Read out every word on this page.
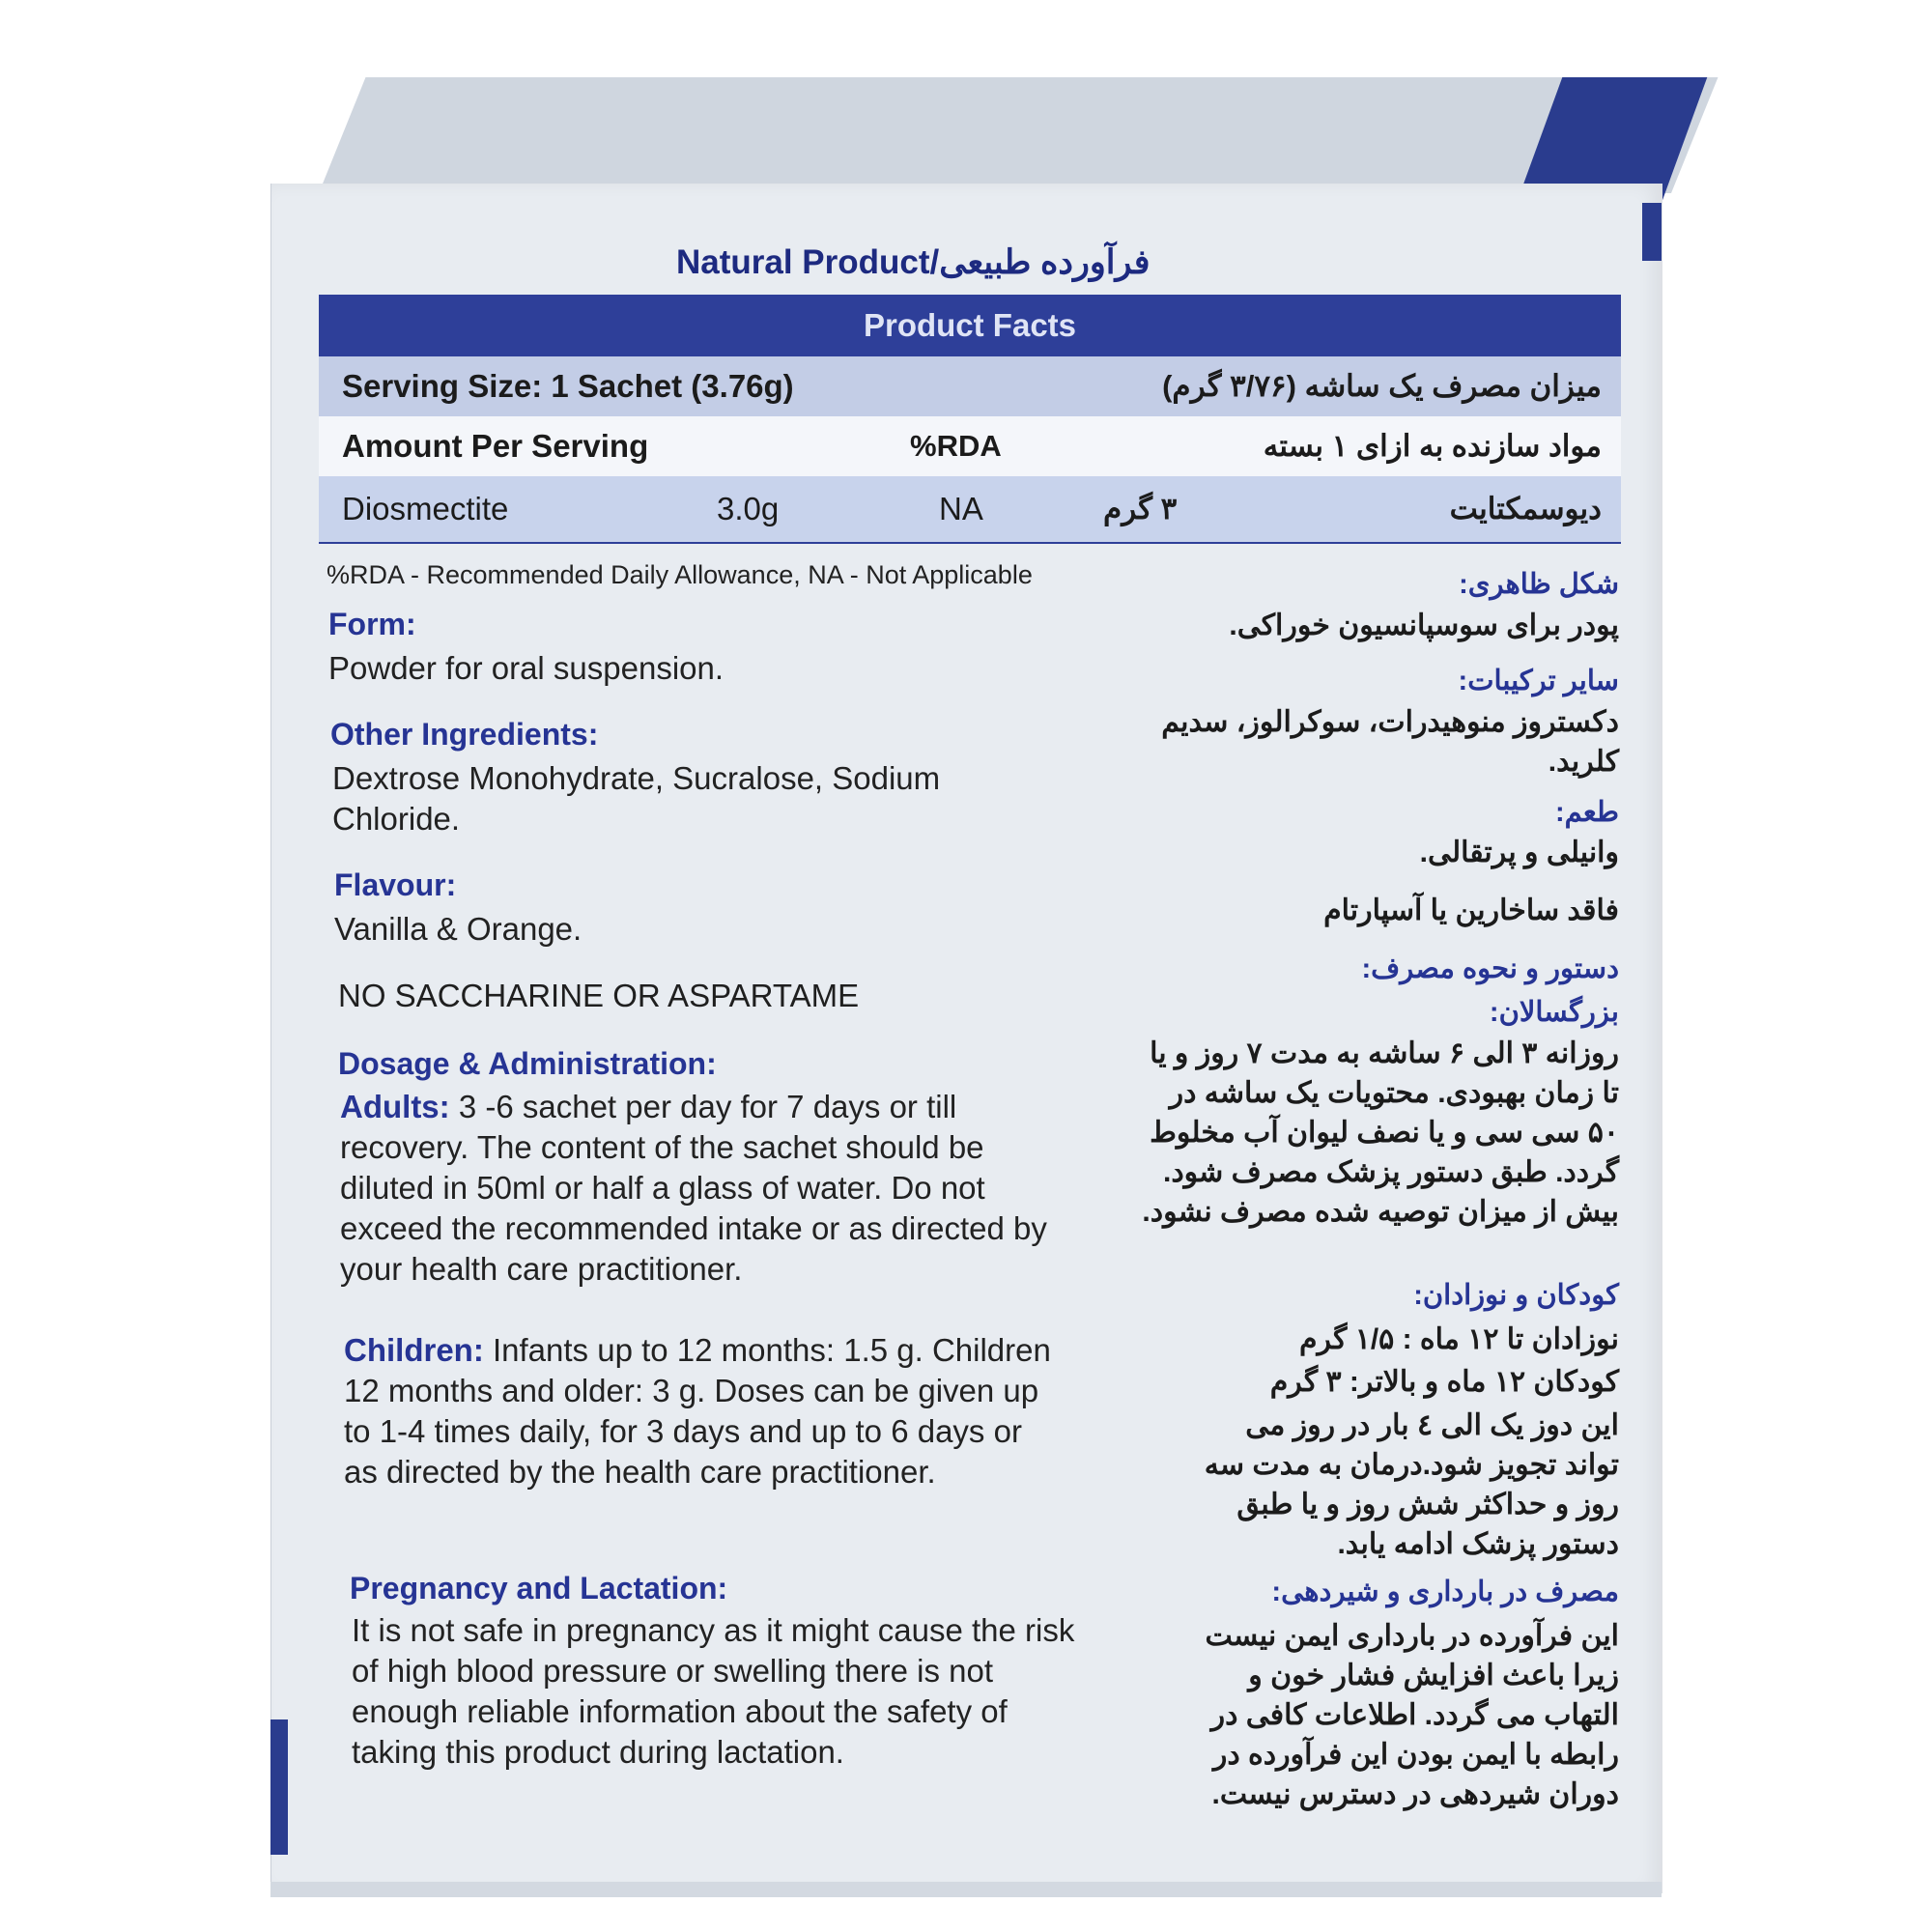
Natural Product/فرآورده طبیعی
Product Facts
Serving Size: 1 Sachet (3.76g)	میزان مصرف یک ساشه (۳/۷۶ گرم)
Amount Per Serving	%RDA	مواد سازنده به ازای ۱ بسته
Diosmectite	3.0g	NA	۳ گرم	دیوسمکتایت
%RDA - Recommended Daily Allowance, NA - Not Applicable
Form:
Powder for oral suspension.
Other Ingredients:
Dextrose Monohydrate, Sucralose, Sodium Chloride.
Flavour:
Vanilla & Orange.
NO SACCHARINE OR ASPARTAME
Dosage & Administration:
Adults: 3 -6 sachet per day for 7 days or till recovery. The content of the sachet should be diluted in 50ml or half a glass of water. Do not exceed the recommended intake or as directed by your health care practitioner.
Children: Infants up to 12 months: 1.5 g. Children 12 months and older: 3 g. Doses can be given up to 1-4 times daily, for 3 days and up to 6 days or as directed by the health care practitioner.
Pregnancy and Lactation:
It is not safe in pregnancy as it might cause the risk of high blood pressure or swelling there is not enough reliable information about the safety of taking this product during lactation.
شکل ظاهری:
پودر برای سوسپانسیون خوراکی.
سایر ترکیبات:
دکستروز منوهیدرات، سوکرالوز، سدیم کلرید.
طعم:
وانیلی و پرتقالی.
فاقد ساخارین یا آسپارتام
دستور و نحوه مصرف:
بزرگسالان:
روزانه ۳ الی ۶ ساشه به مدت ۷ روز و یا تا زمان بهبودی. محتویات یک ساشه در ۵۰ سی سی و یا نصف لیوان آب مخلوط گردد. طبق دستور پزشک مصرف شود. بیش از میزان توصیه شده مصرف نشود.
کودکان و نوزادان:
نوزادان تا ۱۲ ماه : ۱/۵ گرم
کودکان ۱۲ ماه و بالاتر: ۳ گرم
این دوز یک الی ٤ بار در روز می تواند تجویز شود.درمان به مدت سه روز و حداکثر شش روز و یا طبق دستور پزشک ادامه یابد.
مصرف در بارداری و شیردهی:
این فرآورده در بارداری ایمن نیست زیرا باعث افزایش فشار خون و التهاب می گردد. اطلاعات کافی در رابطه با ایمن بودن این فرآورده در دوران شیردهی در دسترس نیست.
